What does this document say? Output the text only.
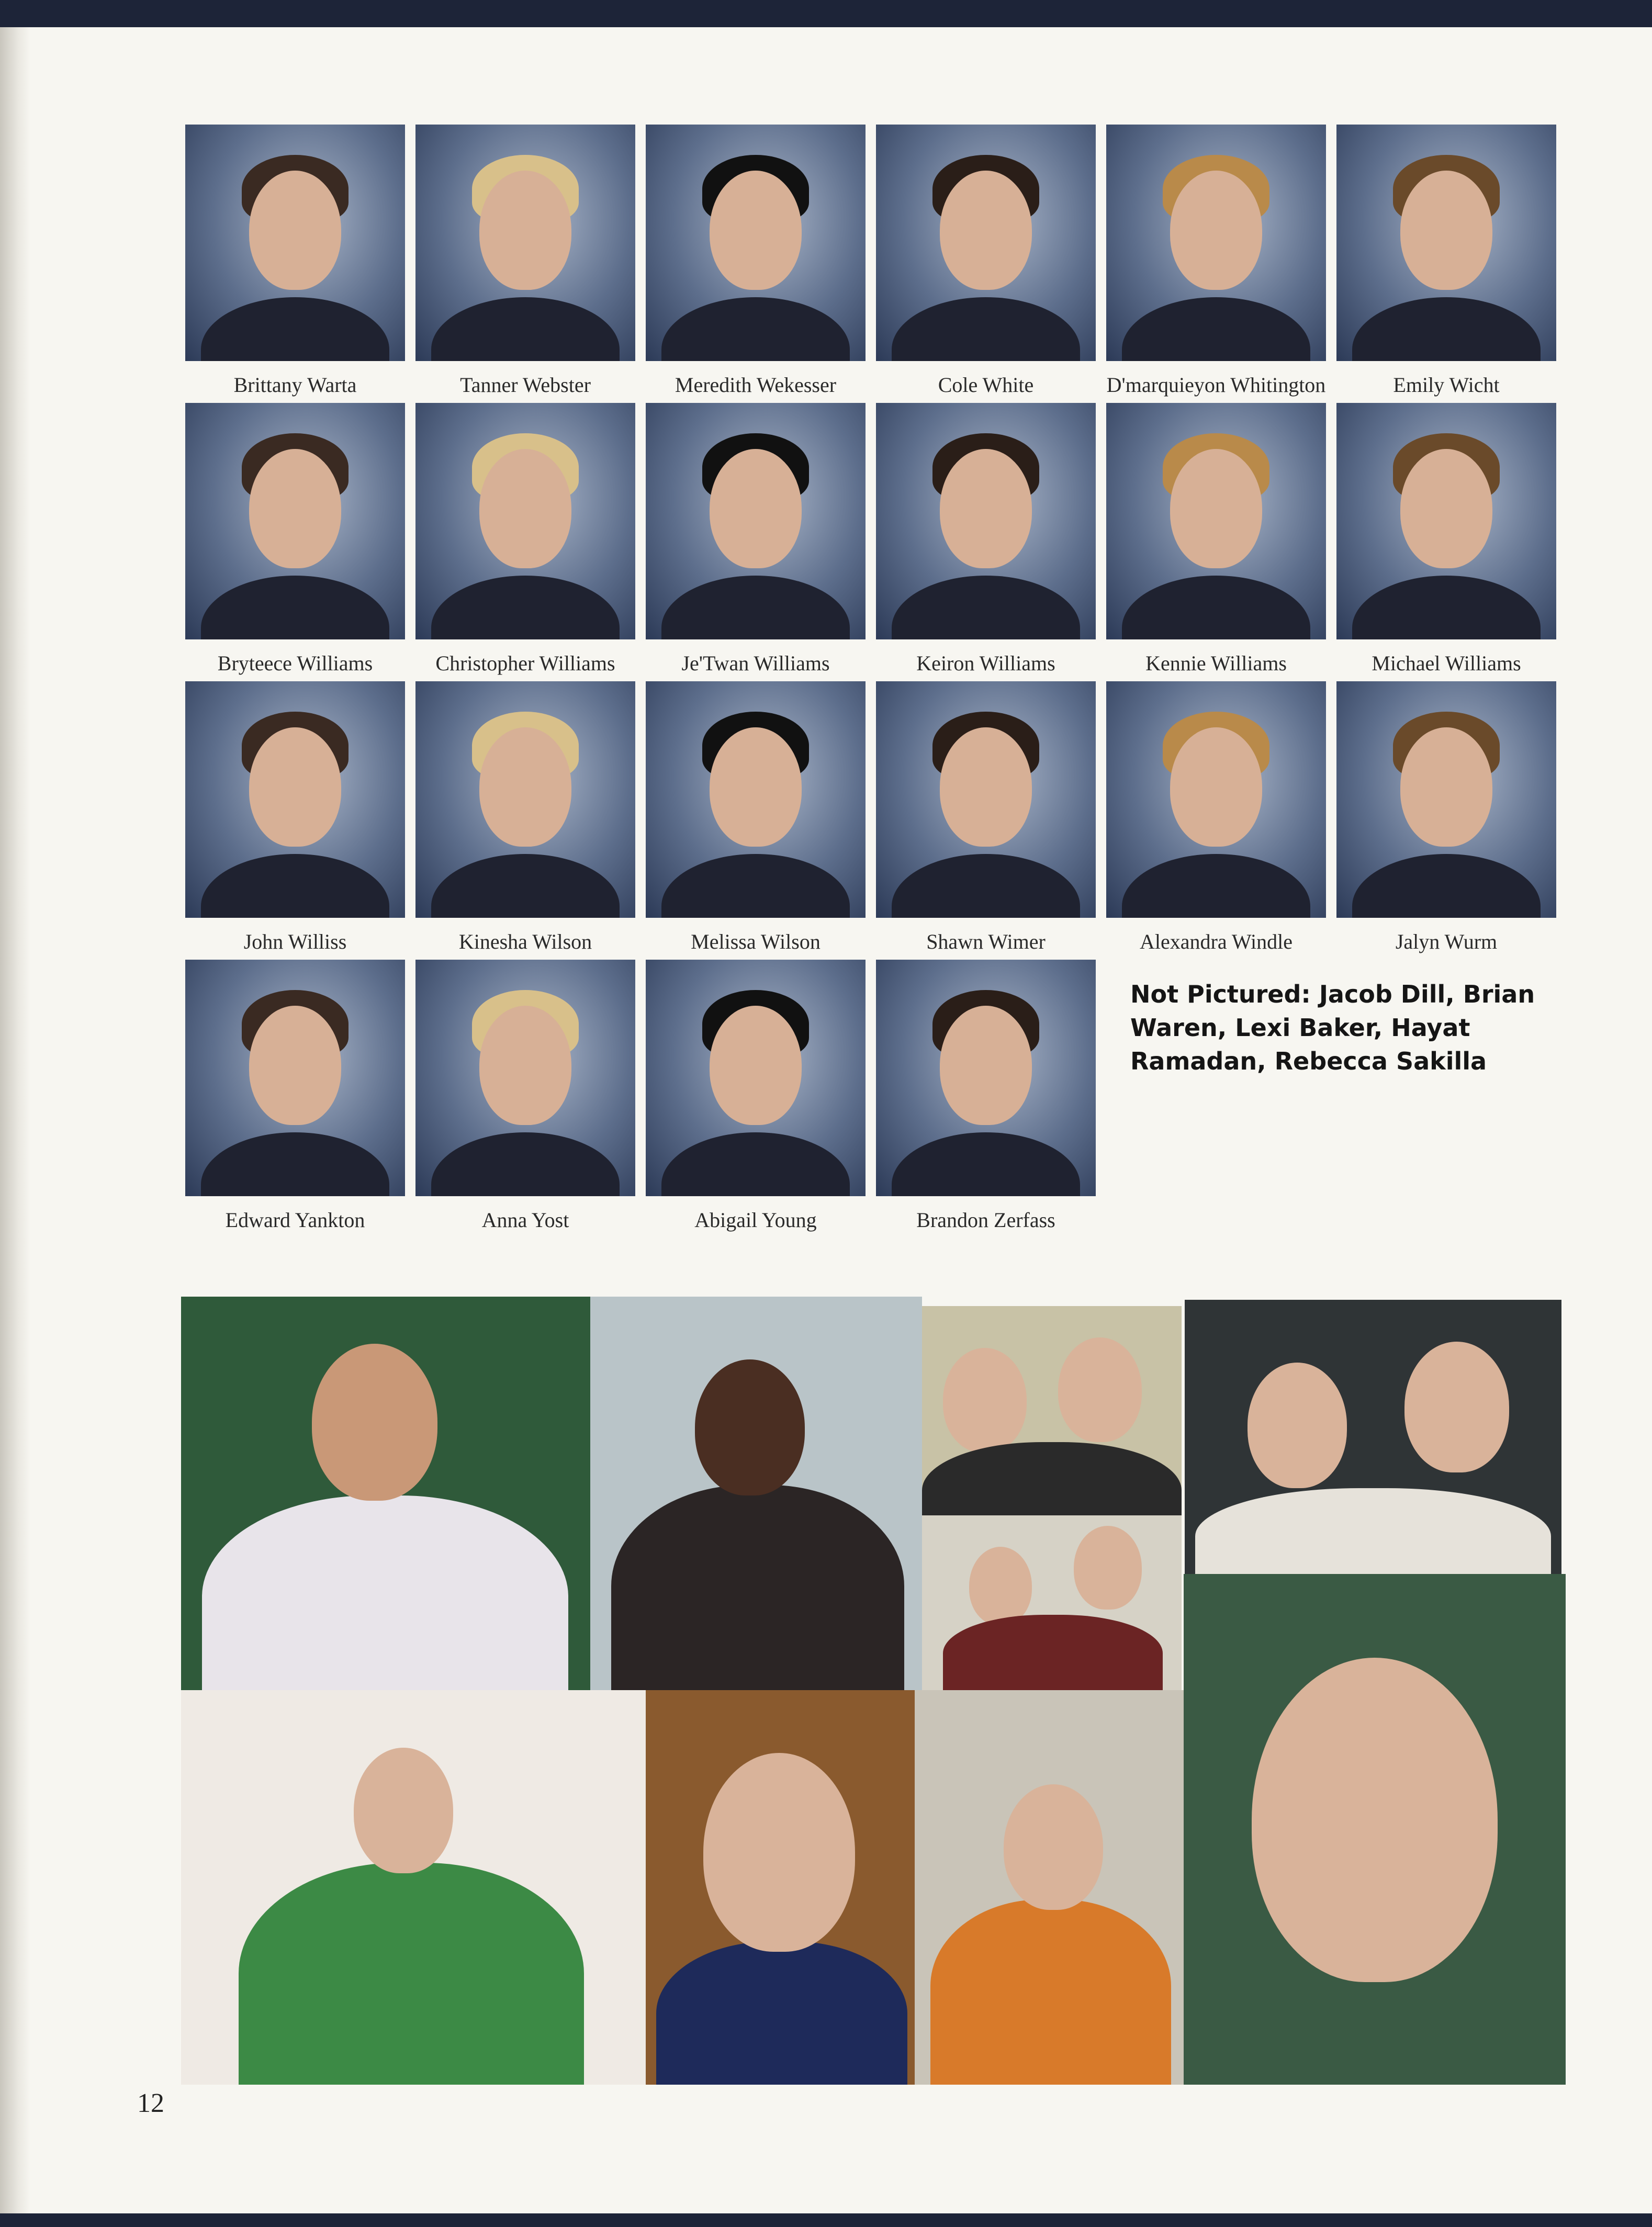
Brittany Warta	Tanner Webster	Meredith Wekesser	Cole White	D'marquieyon Whitington	Emily Wicht
Bryteece Williams	Christopher Williams	Je'Twan Williams	Keiron Williams	Kennie Williams	Michael Williams
John Williss	Kinesha Wilson	Melissa Wilson	Shawn Wimer	Alexandra Windle	Jalyn Wurm
Edward Yankton	Anna Yost	Abigail Young	Brandon Zerfass
Not Pictured: Jacob Dill, Brian Waren, Lexi Baker, Hayat Ramadan, Rebecca Sakilla
12
